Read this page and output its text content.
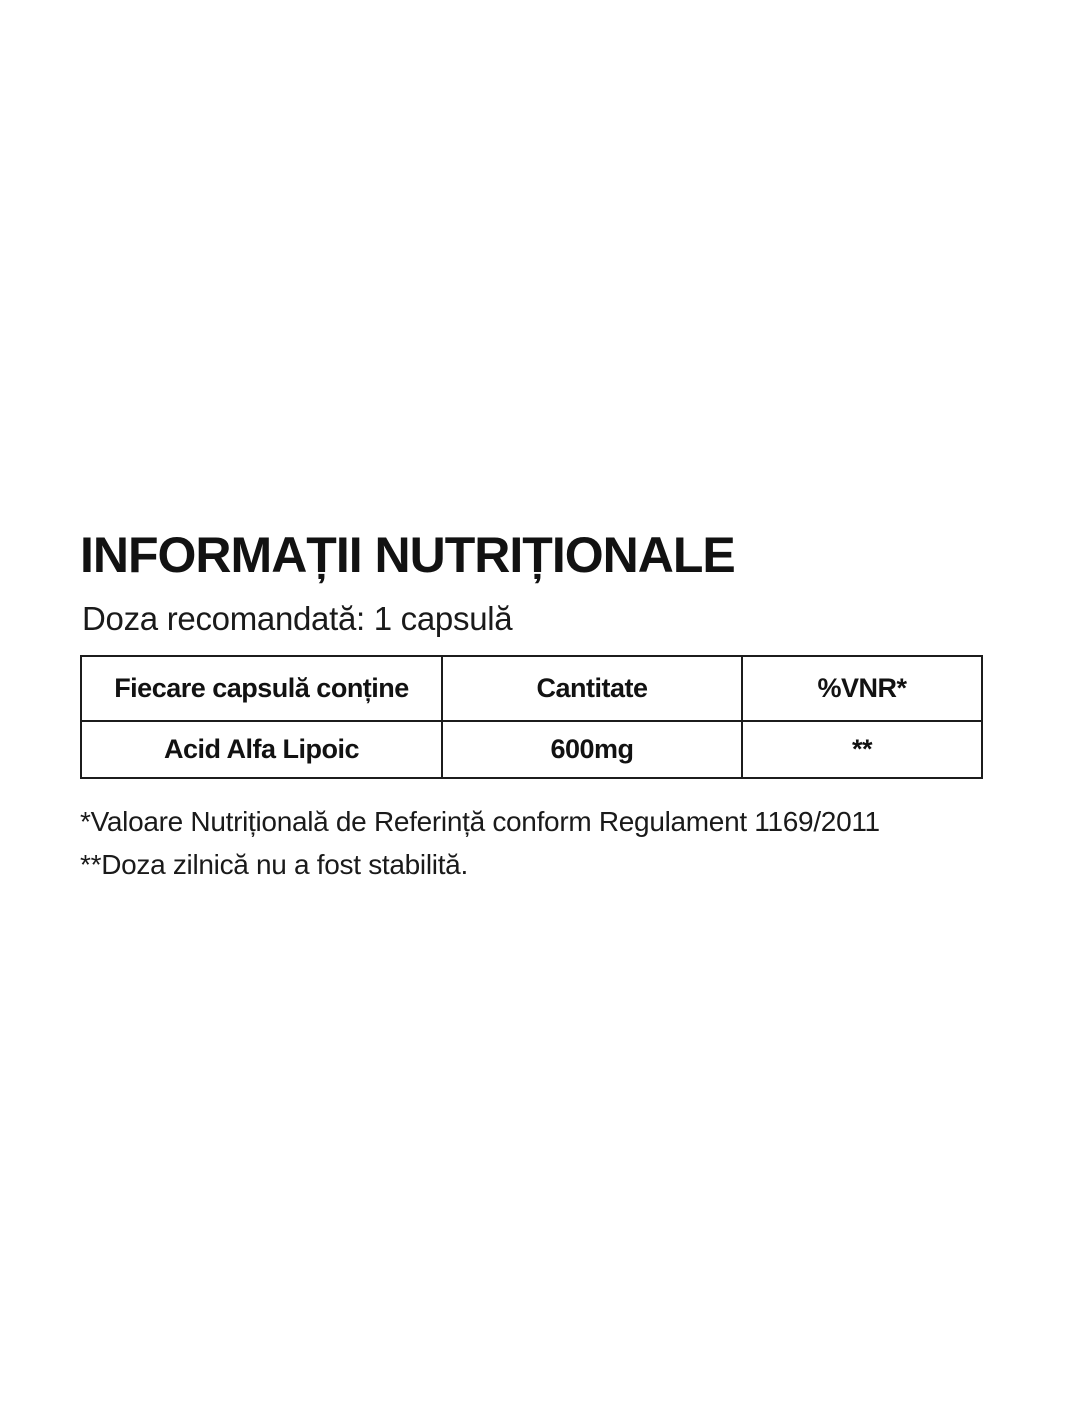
INFORMAȚII NUTRIȚIONALE

Doza recomandată: 1 capsulă

Fiecare capsulă conține	Cantitate	%VNR*
Acid Alfa Lipoic	600mg	**

*Valoare Nutrițională de Referință conform Regulament 1169/2011

**Doza zilnică nu a fost stabilită.
